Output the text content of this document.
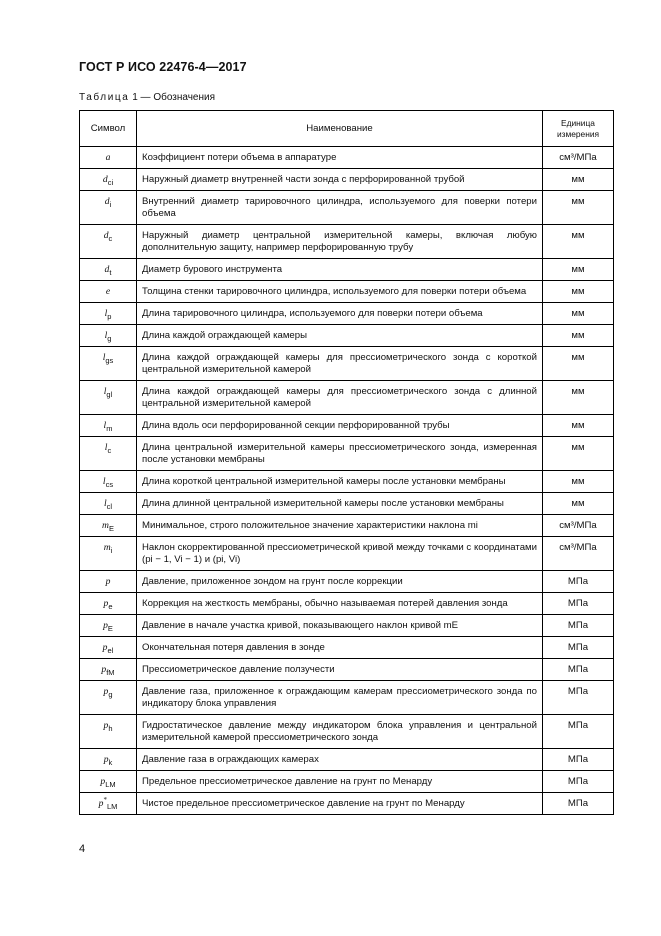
ГОСТ Р ИСО 22476-4—2017
Таблица 1 — Обозначения
Символ	Наименование	Единица измерения
a	Коэффициент потери объема в аппаратуре	см³/МПа
$d_{ci}$	Наружный диаметр внутренней части зонда с перфорированной трубой	мм
$d_i$	Внутренний диаметр тарировочного цилиндра, используемого для поверки потери объема	мм
$d_c$	Наружный диаметр центральной измерительной камеры, включая любую дополнительную защиту, например перфорированную трубу	мм
$d_t$	Диаметр бурового инструмента	мм
e	Толщина стенки тарировочного цилиндра, используемого для поверки потери объема	мм
$l_p$	Длина тарировочного цилиндра, используемого для поверки потери объема	мм
$l_g$	Длина каждой ограждающей камеры	мм
$l_{gs}$	Длина каждой ограждающей камеры для прессиометрического зонда с короткой центральной измерительной камерой	мм
$l_{gl}$	Длина каждой ограждающей камеры для прессиометрического зонда с длинной центральной измерительной камерой	мм
$l_m$	Длина вдоль оси перфорированной секции перфорированной трубы	мм
$l_c$	Длина центральной измерительной камеры прессиометрического зонда, измеренная после установки мембраны	мм
$l_{cs}$	Длина короткой центральной измерительной камеры после установки мембраны	мм
$l_{cl}$	Длина длинной центральной измерительной камеры после установки мембраны	мм
$m_E$	Минимальное, строго положительное значение характеристики наклона mi	см³/МПа
$m_i$	Наклон скорректированной прессиометрической кривой между точками с координатами (pi − 1, Vi − 1) и (pi, Vi)	см³/МПа
p	Давление, приложенное зондом на грунт после коррекции	МПа
$p_e$	Коррекция на жесткость мембраны, обычно называемая потерей давления зонда	МПа
$p_E$	Давление в начале участка кривой, показывающего наклон кривой mE	МПа
$p_{el}$	Окончательная потеря давления в зонде	МПа
$p_{fM}$	Прессиометрическое давление ползучести	МПа
$p_g$	Давление газа, приложенное к ограждающим камерам прессиометрического зонда по индикатору блока управления	МПа
$p_h$	Гидростатическое давление между индикатором блока управления и центральной измерительной камерой прессиометрического зонда	МПа
$p_k$	Давление газа в ограждающих камерах	МПа
$p_{LM}$	Предельное прессиометрическое давление на грунт по Менарду	МПа
$p^*_{LM}$	Чистое предельное прессиометрическое давление на грунт по Менарду	МПа
4
